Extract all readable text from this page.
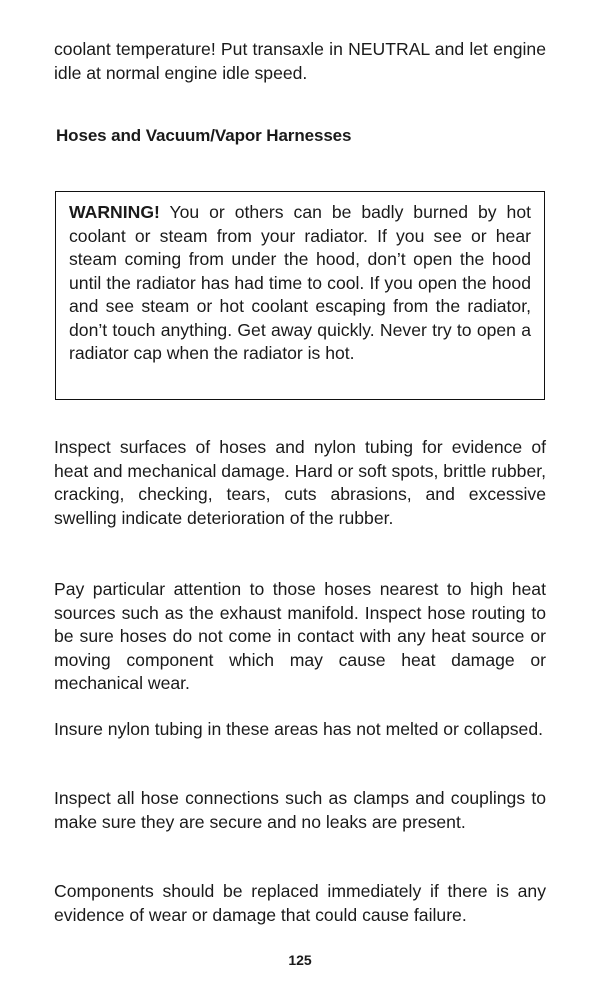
coolant temperature! Put transaxle in NEUTRAL and let engine idle at normal engine idle speed.

Hoses and Vacuum/Vapor Harnesses

WARNING! You or others can be badly burned by hot coolant or steam from your radiator. If you see or hear steam coming from under the hood, don’t open the hood until the radiator has had time to cool. If you open the hood and see steam or hot coolant escaping from the radiator, don’t touch anything. Get away quickly. Never try to open a radiator cap when the radiator is hot.

Inspect surfaces of hoses and nylon tubing for evidence of heat and mechanical damage. Hard or soft spots, brittle rubber, cracking, checking, tears, cuts abrasions, and excessive swelling indicate deterioration of the rubber.

Pay particular attention to those hoses nearest to high heat sources such as the exhaust manifold. Inspect hose routing to be sure hoses do not come in contact with any heat source or moving component which may cause heat damage or mechanical wear.

Insure nylon tubing in these areas has not melted or collapsed.

Inspect all hose connections such as clamps and couplings to make sure they are secure and no leaks are present.

Components should be replaced immediately if there is any evidence of wear or damage that could cause failure.

125
